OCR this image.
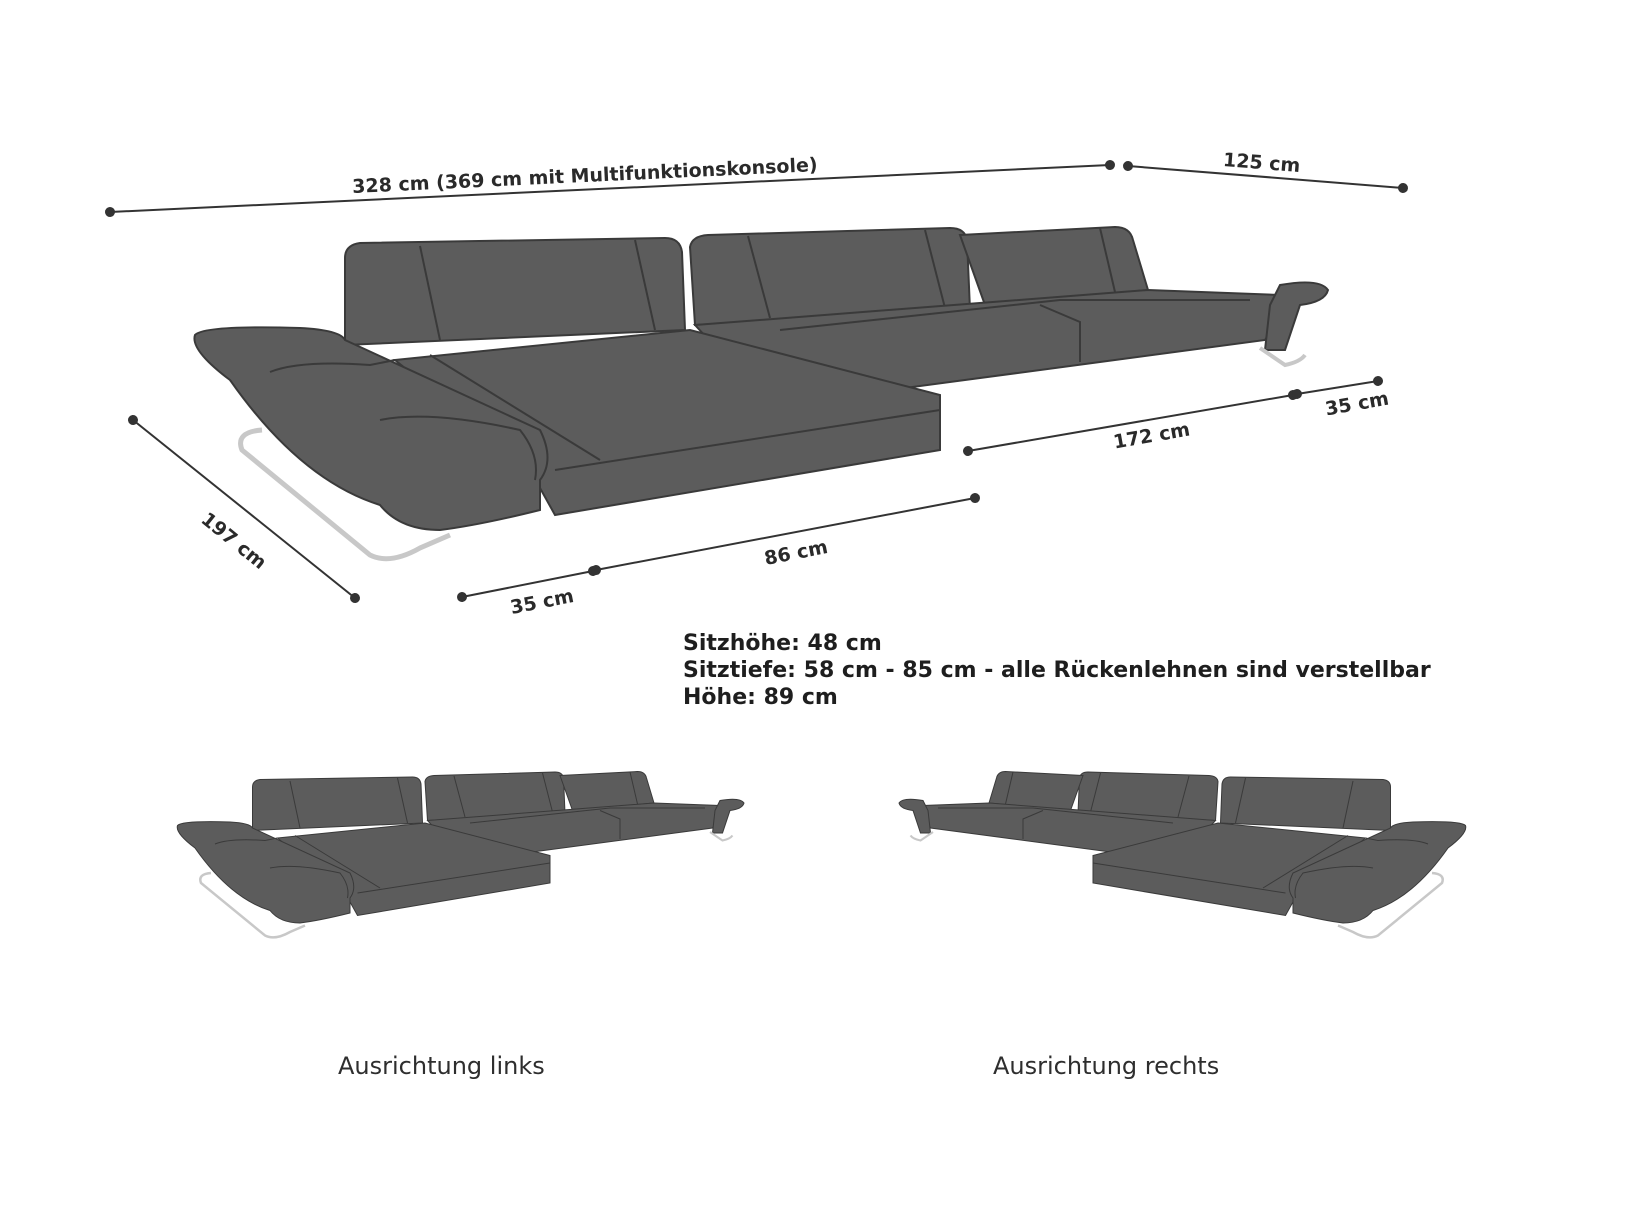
328 cm (369 cm mit Multifunktionskonsole)	125 cm
197 cm
35 cm
86 cm
172 cm
35 cm
Sitzhöhe: 48 cm
Sitztiefe: 58 cm - 85 cm - alle Rückenlehnen sind verstellbar
Höhe: 89 cm
Ausrichtung links	Ausrichtung rechts
